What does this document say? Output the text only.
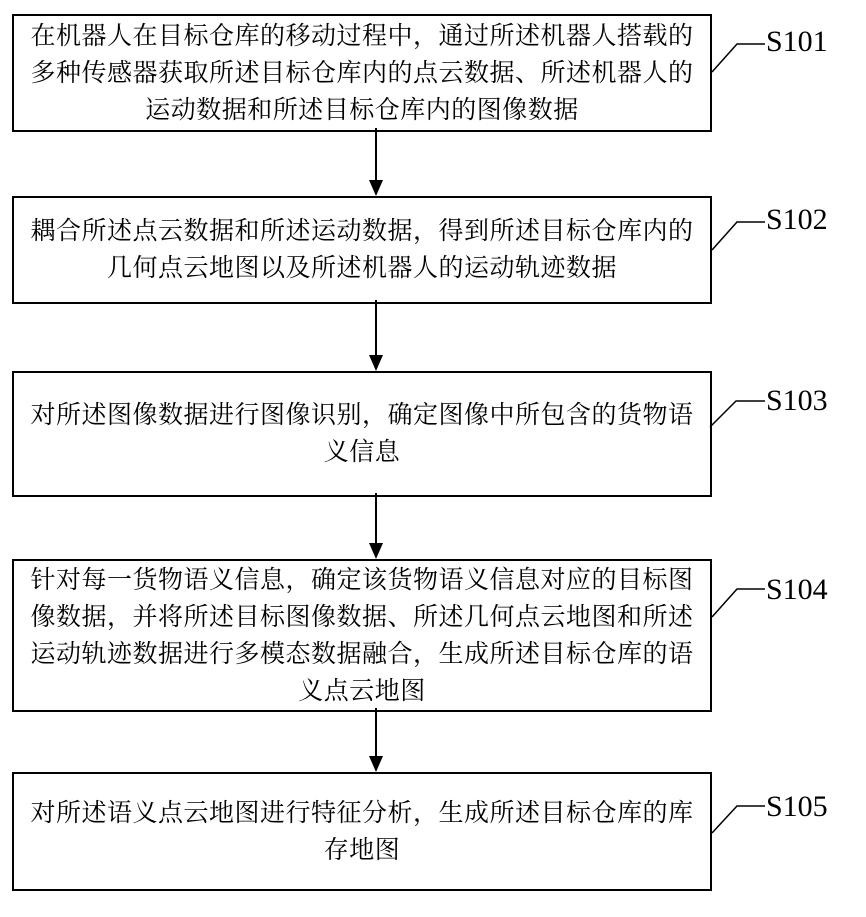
在机器人在目标仓库的移动过程中，通过所述机器人搭载的
多种传感器获取所述目标仓库内的点云数据、所述机器人的
运动数据和所述目标仓库内的图像数据
耦合所述点云数据和所述运动数据，得到所述目标仓库内的
几何点云地图以及所述机器人的运动轨迹数据
对所述图像数据进行图像识别，确定图像中所包含的货物语
义信息
针对每一货物语义信息，确定该货物语义信息对应的目标图
像数据，并将所述目标图像数据、所述几何点云地图和所述
运动轨迹数据进行多模态数据融合，生成所述目标仓库的语
义点云地图
对所述语义点云地图进行特征分析，生成所述目标仓库的库
存地图
S101
S102
S103
S104
S105
